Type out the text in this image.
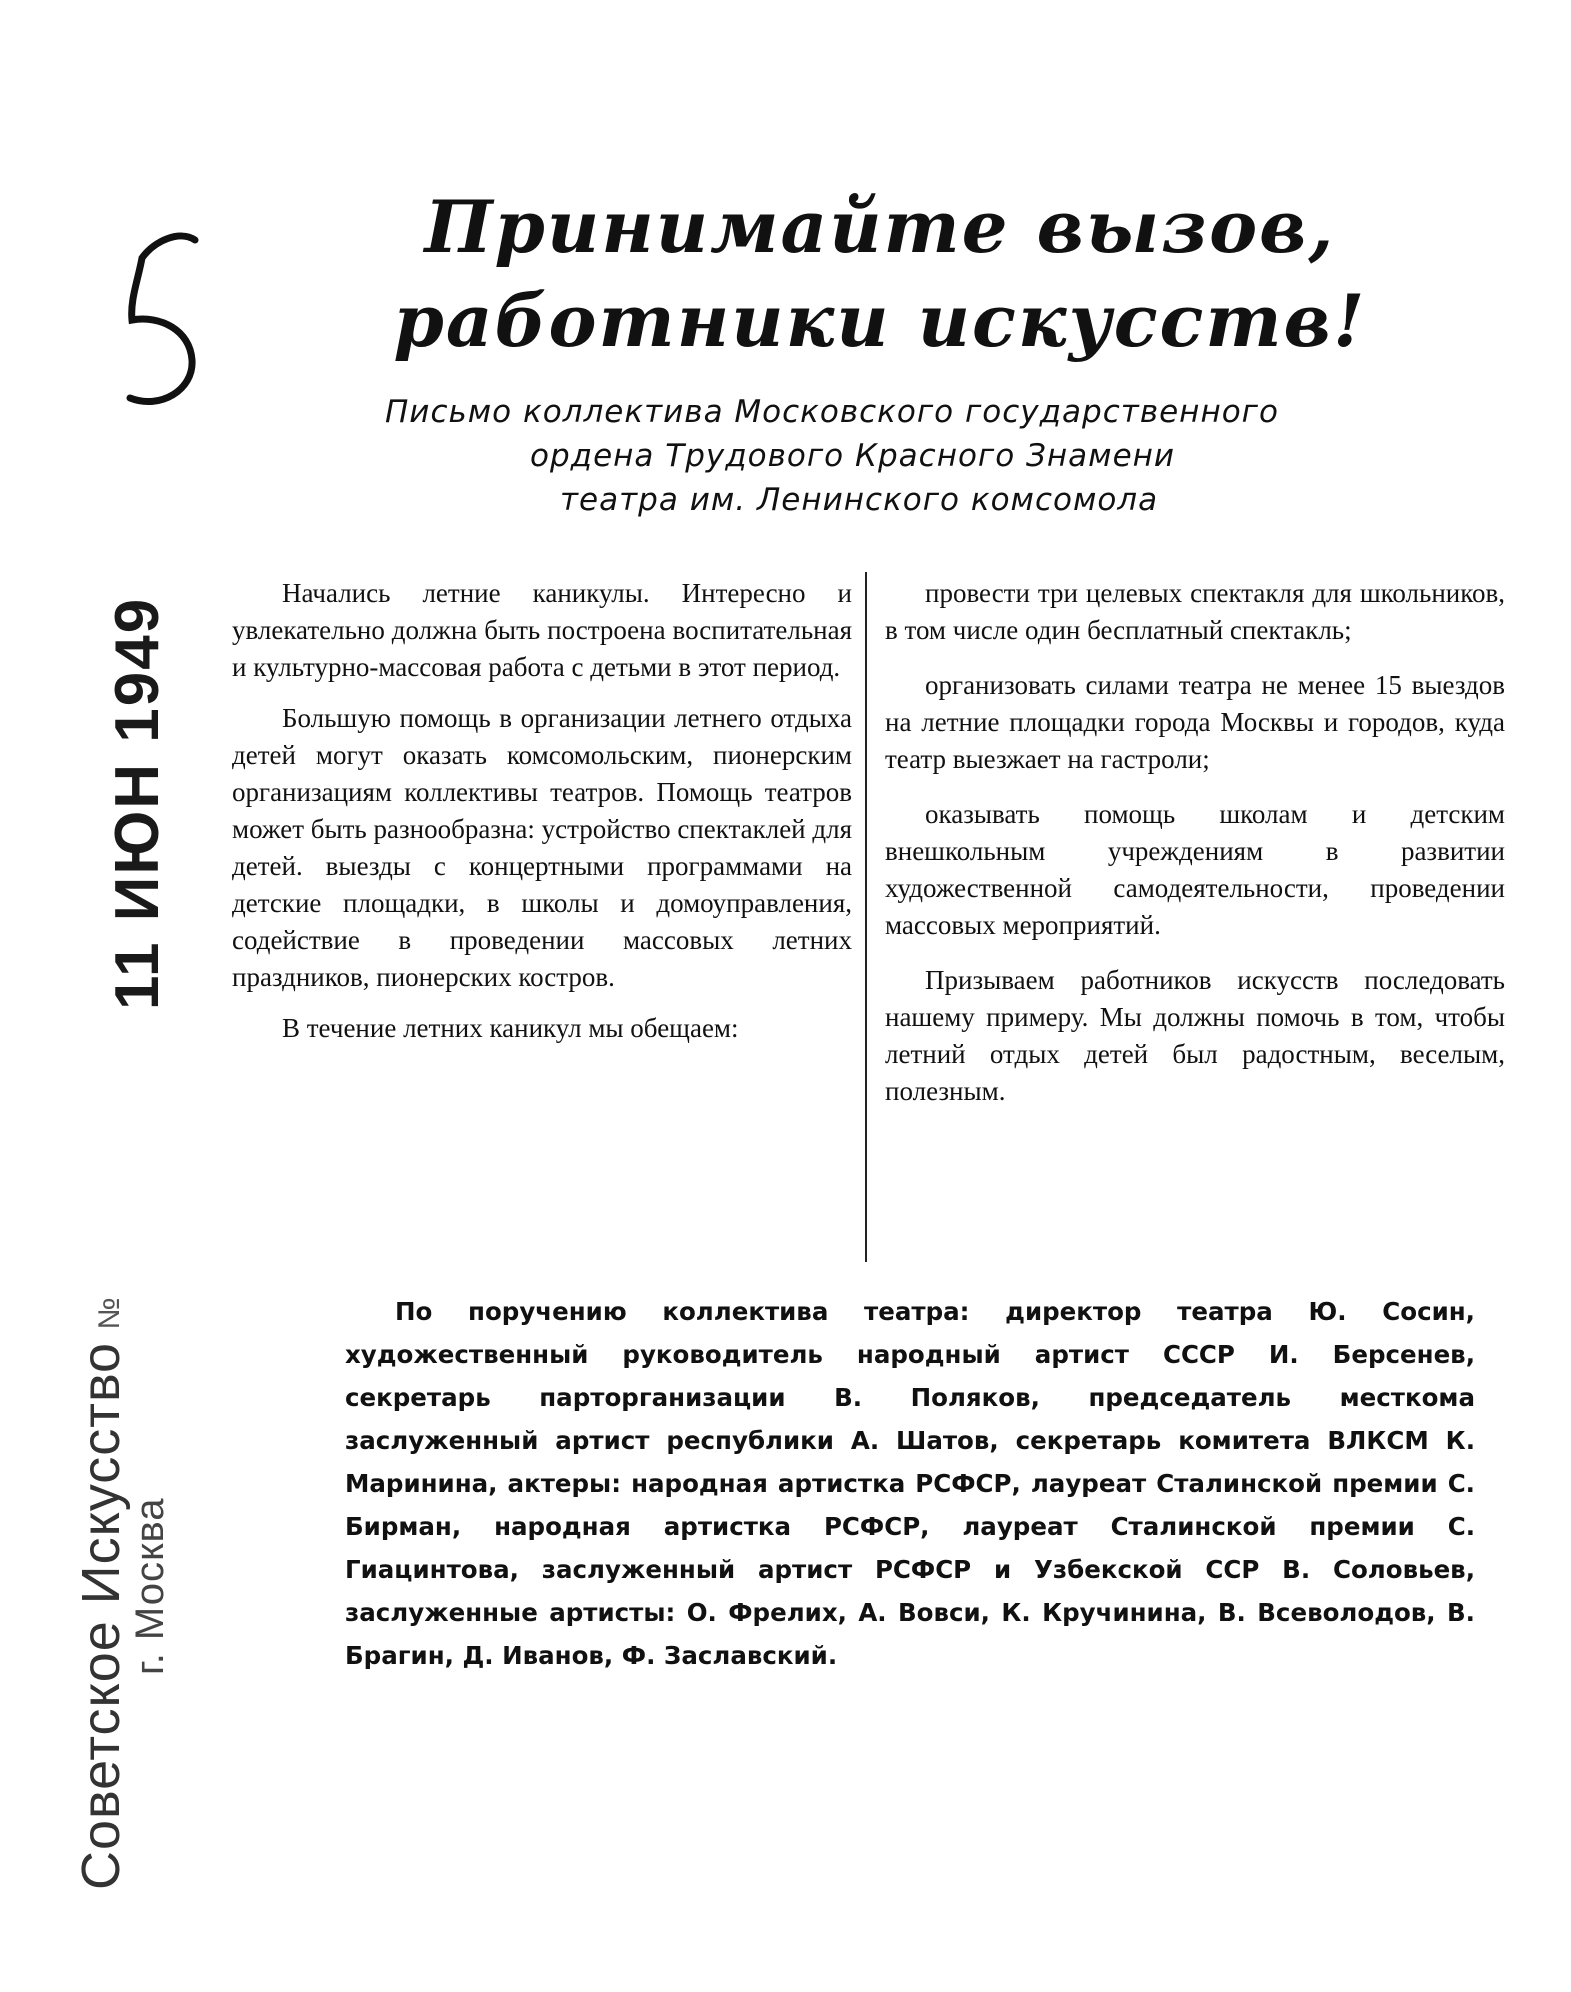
Принимайте вызов,
работники искусств!
Письмо коллектива Московского государственного
ордена Трудового Красного Знамени
театра им. Ленинского комсомола

Начались летние каникулы. Интересно и увлекательно должна быть построена воспитательная и культурно-массовая работа с детьми в этот период.

Большую помощь в организации летнего отдыха детей могут оказать комсомольским, пионерским организациям коллективы театров. Помощь театров может быть разнообразна: устройство спектаклей для детей. выезды с концертными программами на детские площадки, в школы и домоуправления, содействие в проведении массовых летних праздников, пионерских костров.

В течение летних каникул мы обещаем:

провести три целевых спектакля для школьников, в том числе один бесплатный спектакль;

организовать силами театра не менее 15 выездов на летние площадки города Москвы и городов, куда театр выезжает на гастроли;

оказывать помощь школам и детским внешкольным учреждениям в развитии художественной самодеятельности, проведении массовых мероприятий.

Призываем работников искусств последовать нашему примеру. Мы должны помочь в том, чтобы летний отдых детей был радостным, веселым, полезным.

По поручению коллектива театра: директор театра Ю. Сосин, художественный руководитель народный артист СССР И. Берсенев, секретарь парторганизации В. Поляков, председатель месткома заслуженный артист республики А. Шатов, секретарь комитета ВЛКСМ К. Маринина, актеры: народная артистка РСФСР, лауреат Сталинской премии С. Бирман, народная артистка РСФСР, лауреат Сталинской премии С. Гиацинтова, заслуженный артист РСФСР и Узбекской ССР В. Соловьев, заслуженные артисты: О. Фрелих, А. Вовси, К. Кручинина, В. Всеволодов, В. Брагин, Д. Иванов, Ф. Заславский.
Советское Искусство №
г. Москва
11 ИЮН 1949
